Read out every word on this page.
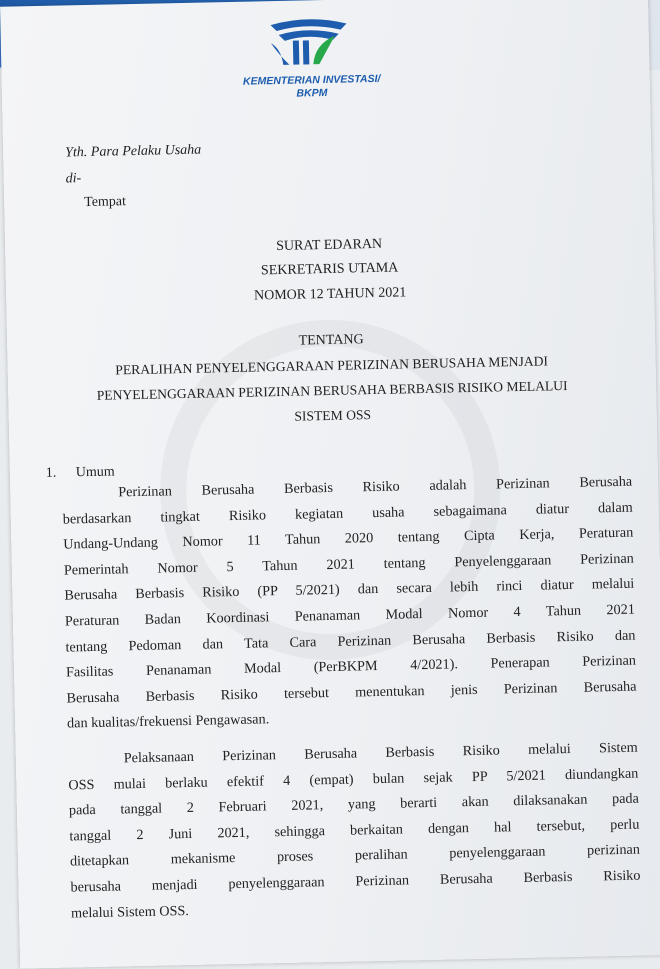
KEMENTERIAN INVESTASI/
BKPM
Yth. Para Pelaku Usaha
di-
Tempat
SURAT EDARAN
SEKRETARIS UTAMA
NOMOR 12 TAHUN 2021
TENTANG
PERALIHAN PENYELENGGARAAN PERIZINAN BERUSAHA MENJADI
PENYELENGGARAAN PERIZINAN BERUSAHA BERBASIS RISIKO MELALUI
SISTEM OSS
1. Umum
Perizinan Berusaha Berbasis Risiko adalah Perizinan Berusaha
berdasarkan tingkat Risiko kegiatan usaha sebagaimana diatur dalam
Undang-Undang Nomor 11 Tahun 2020 tentang Cipta Kerja, Peraturan
Pemerintah Nomor 5 Tahun 2021 tentang Penyelenggaraan Perizinan
Berusaha Berbasis Risiko (PP 5/2021) dan secara lebih rinci diatur melalui
Peraturan Badan Koordinasi Penanaman Modal Nomor 4 Tahun 2021
tentang Pedoman dan Tata Cara Perizinan Berusaha Berbasis Risiko dan
Fasilitas Penanaman Modal (PerBKPM 4/2021). Penerapan Perizinan
Berusaha Berbasis Risiko tersebut menentukan jenis Perizinan Berusaha
dan kualitas/frekuensi Pengawasan.
Pelaksanaan Perizinan Berusaha Berbasis Risiko melalui Sistem
OSS mulai berlaku efektif 4 (empat) bulan sejak PP 5/2021 diundangkan
pada tanggal 2 Februari 2021, yang berarti akan dilaksanakan pada
tanggal 2 Juni 2021, sehingga berkaitan dengan hal tersebut, perlu
ditetapkan mekanisme proses peralihan penyelenggaraan perizinan
berusaha menjadi penyelenggaraan Perizinan Berusaha Berbasis Risiko
melalui Sistem OSS.
